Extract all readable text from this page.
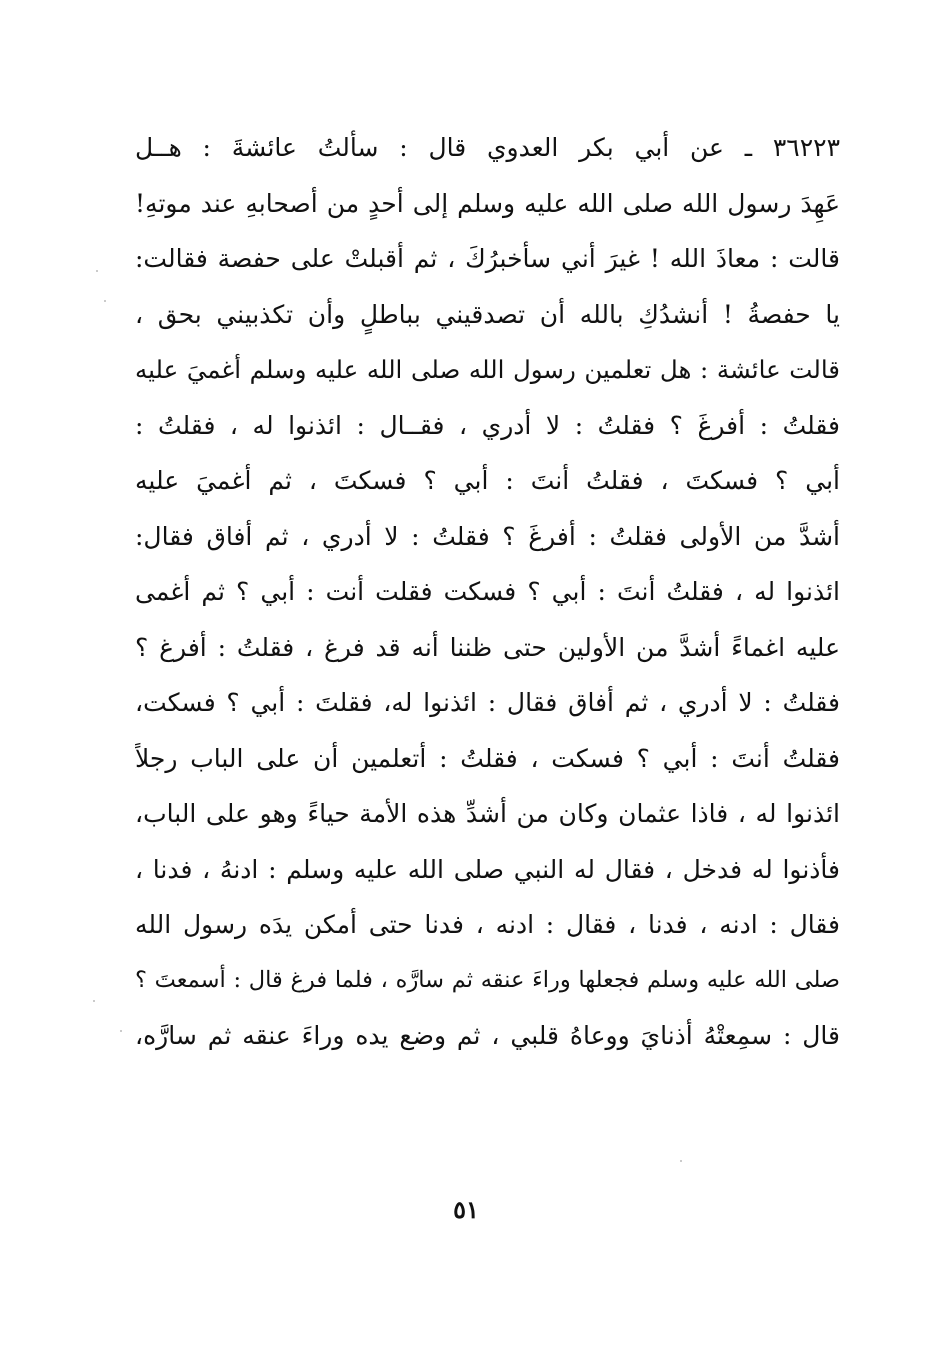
٣٦٢٢٣ ـ عن أبي بكر العدوي قال : سألتُ عائشةَ : هــل
عَهِدَ رسول الله صلى الله عليه وسلم إلى أحدٍ من أصحابهِ عند موتهِ!
قالت : معاذَ الله ! غيرَ أني سأخبرُكَ ، ثم أقبلتْ على حفصة فقالت:
يا حفصةُ ! أنشدُكِ بالله أن تصدقيني بباطلٍ وأن تكذبيني بحق ،
قالت عائشة : هل تعلمين رسول الله صلى الله عليه وسلم أغميَ عليه
فقلتُ : أفرغَ ؟ فقلتُ : لا أدري ، فقــال : ائذنوا له ، فقلتُ :
أبي ؟ فسكتَ ، فقلتُ أنتَ : أبي ؟ فسكتَ ، ثم أغميَ عليه
أشدَّ من الأولى فقلتُ : أفرغَ ؟ فقلتُ : لا أدري ، ثم أفاق فقال:
ائذنوا له ، فقلتُ أنتَ : أبي ؟ فسكت فقلت أنت : أبي ؟ ثم أغمى
عليه اغماءً أشدَّ من الأولين حتى ظننا أنه قد فرغ ، فقلتُ : أفرغ ؟
فقلتُ : لا أدري ، ثم أفاق فقال : ائذنوا له، فقلتَ : أبي ؟ فسكت،
فقلتُ أنتَ : أبي ؟ فسكت ، فقلتُ : أتعلمين أن على الباب رجلاً
ائذنوا له ، فاذا عثمان وكان من أشدِّ هذه الأمة حياءً وهو على الباب،
فأذنوا له فدخل ، فقال له النبي صلى الله عليه وسلم : ادنهُ ، فدنا ،
فقال : ادنه ، فدنا ، فقال : ادنه ، فدنا حتى أمكن يدَه رسول الله
صلى الله عليه وسلم فجعلها وراءَ عنقه ثم سارَّه ، فلما فرغ قال : أسمعتَ ؟
قال : سمِعتْهُ أذنايَ ووعاهُ قلبي ، ثم وضع يده وراءَ عنقه ثم سارَّه،
٥١
